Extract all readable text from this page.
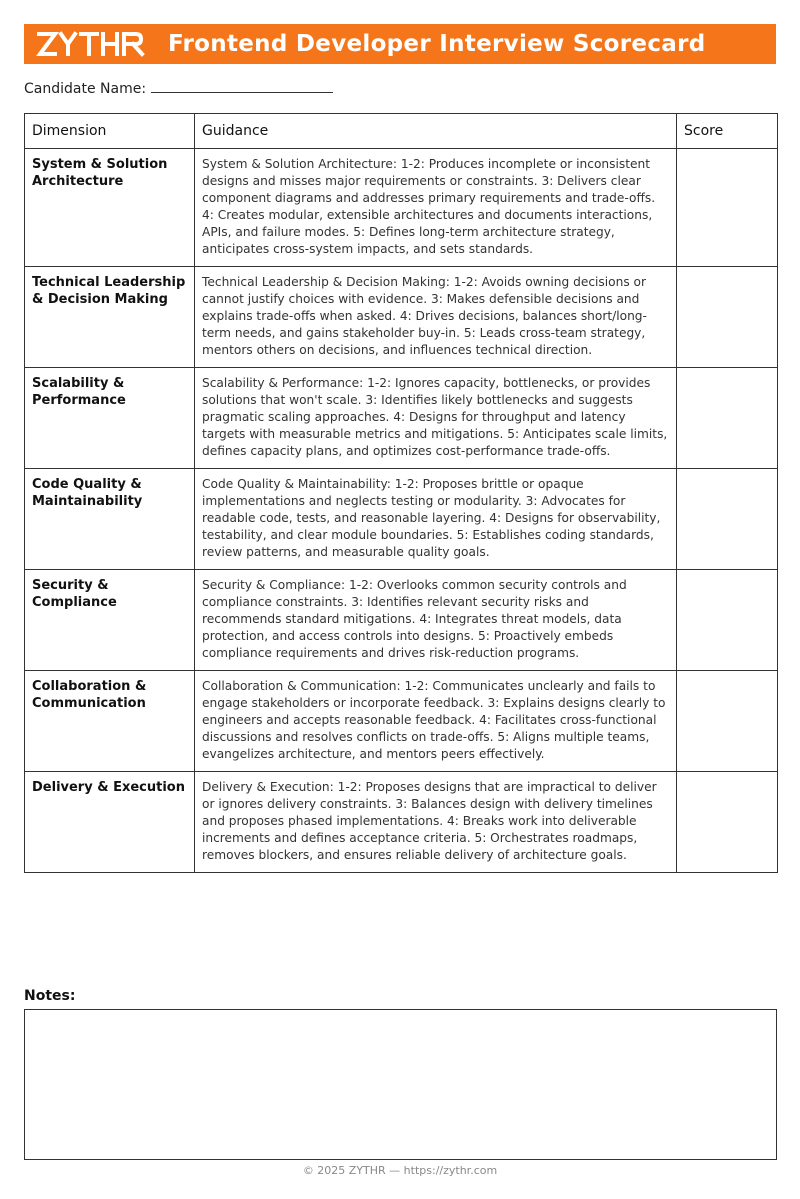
Frontend Developer Interview Scorecard
Candidate Name:
Dimension	Guidance	Score
System & Solution Architecture	System & Solution Architecture: 1-2: Produces incomplete or inconsistent designs and misses major requirements or constraints. 3: Delivers clear component diagrams and addresses primary requirements and trade-offs. 4: Creates modular, extensible architectures and documents interactions, APIs, and failure modes. 5: Defines long-term architecture strategy, anticipates cross-system impacts, and sets standards.	
Technical Leadership & Decision Making	Technical Leadership & Decision Making: 1-2: Avoids owning decisions or cannot justify choices with evidence. 3: Makes defensible decisions and explains trade-offs when asked. 4: Drives decisions, balances short/long-term needs, and gains stakeholder buy-in. 5: Leads cross-team strategy, mentors others on decisions, and influences technical direction.	
Scalability & Performance	Scalability & Performance: 1-2: Ignores capacity, bottlenecks, or provides solutions that won't scale. 3: Identifies likely bottlenecks and suggests pragmatic scaling approaches. 4: Designs for throughput and latency targets with measurable metrics and mitigations. 5: Anticipates scale limits, defines capacity plans, and optimizes cost-performance trade-offs.	
Code Quality & Maintainability	Code Quality & Maintainability: 1-2: Proposes brittle or opaque implementations and neglects testing or modularity. 3: Advocates for readable code, tests, and reasonable layering. 4: Designs for observability, testability, and clear module boundaries. 5: Establishes coding standards, review patterns, and measurable quality goals.	
Security & Compliance	Security & Compliance: 1-2: Overlooks common security controls and compliance constraints. 3: Identifies relevant security risks and recommends standard mitigations. 4: Integrates threat models, data protection, and access controls into designs. 5: Proactively embeds compliance requirements and drives risk-reduction programs.	
Collaboration & Communication	Collaboration & Communication: 1-2: Communicates unclearly and fails to engage stakeholders or incorporate feedback. 3: Explains designs clearly to engineers and accepts reasonable feedback. 4: Facilitates cross-functional discussions and resolves conflicts on trade-offs. 5: Aligns multiple teams, evangelizes architecture, and mentors peers effectively.	
Delivery & Execution	Delivery & Execution: 1-2: Proposes designs that are impractical to deliver or ignores delivery constraints. 3: Balances design with delivery timelines and proposes phased implementations. 4: Breaks work into deliverable increments and defines acceptance criteria. 5: Orchestrates roadmaps, removes blockers, and ensures reliable delivery of architecture goals.	
Notes:
© 2025 ZYTHR — https://zythr.com
